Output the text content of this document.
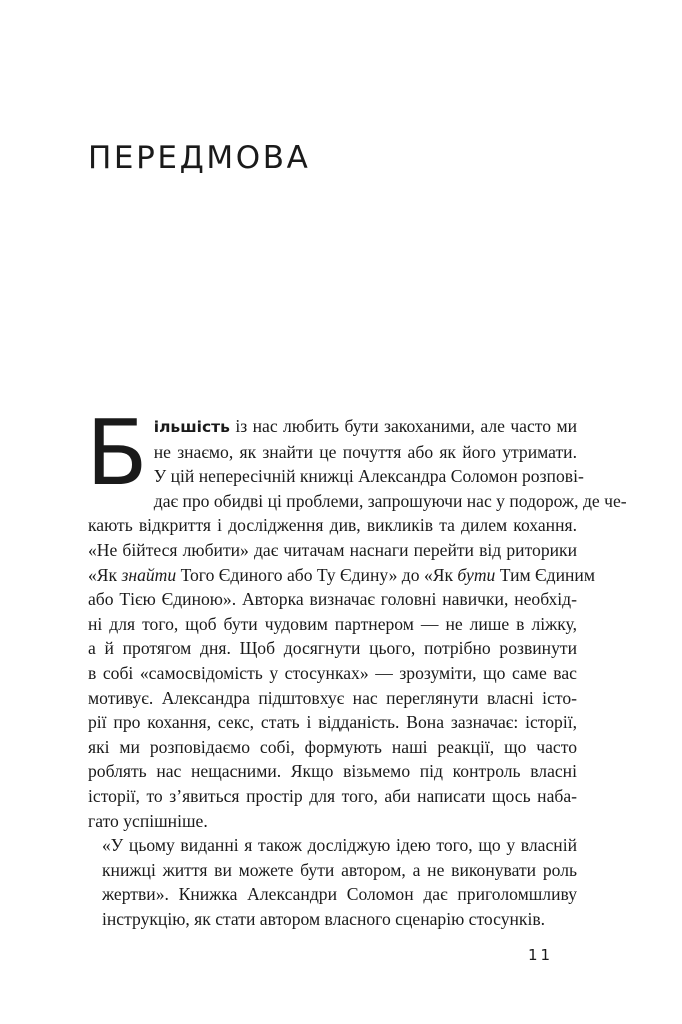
ПЕРЕДМОВА

Б ільшість із нас любить бути закоханими, але часто ми
не знаємо, як знайти це почуття або як його утримати.
У цій непересічній книжці Александра Соломон розпові-
дає про обидві ці проблеми, запрошуючи нас у подорож, де че-
кають відкриття і дослідження див, викликів та дилем кохання.
«Не бійтеся любити» дає читачам наснаги перейти від риторики
«Як знайти Того Єдиного або Ту Єдину» до «Як бути Тим Єдиним
або Тією Єдиною». Авторка визначає головні навички, необхід-
ні для того, щоб бути чудовим партнером — не лише в ліжку,
а й протягом дня. Щоб досягнути цього, потрібно розвинути
в собі «самосвідомість у стосунках» — зрозуміти, що саме вас
мотивує. Александра підштовхує нас переглянути власні істо-
рії про кохання, секс, стать і відданість. Вона зазначає: історії,
які ми розповідаємо собі, формують наші реакції, що часто
роблять нас нещасними. Якщо візьмемо під контроль власні
історії, то з’явиться простір для того, аби написати щось наба-
гато успішніше.

«У цьому виданні я також досліджую ідею того, що у власній
книжці життя ви можете бути автором, а не виконувати роль
жертви». Книжка Александри Соломон дає приголомшливу
інструкцію, як стати автором власного сценарію стосунків.

11
